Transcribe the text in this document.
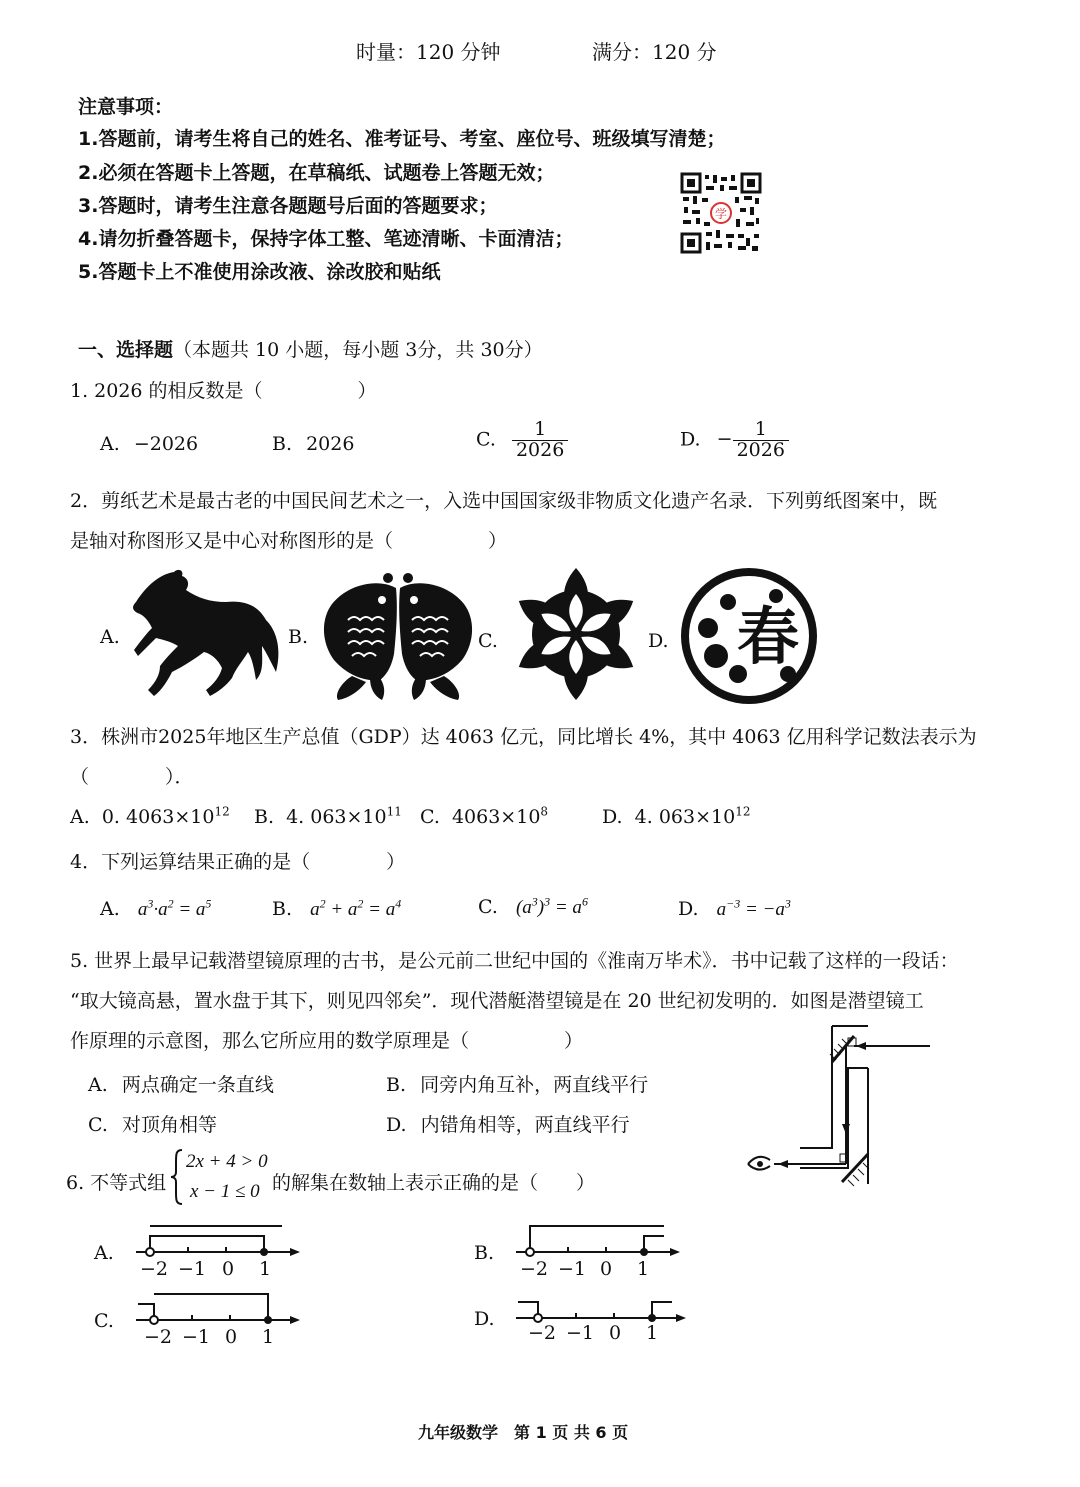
时量：120 分钟	满分：120 分
注意事项：
1.答题前，请考生将自己的姓名、准考证号、考室、座位号、班级填写清楚；
2.必须在答题卡上答题，在草稿纸、试题卷上答题无效；
3.答题时，请考生注意各题题号后面的答题要求；
4.请勿折叠答题卡，保持字体工整、笔迹清晰、卡面清洁；
5.答题卡上不准使用涂改液、涂改胶和贴纸
学
一、选择题（本题共 10 小题，每小题 3分，共 30分）
1. 2026 的相反数是（　　　　　）
A. −2026	B. 2026	C. $\frac{1}{2026}$	D. − $\frac{1}{2026}$
2．剪纸艺术是最古老的中国民间艺术之一，入选中国国家级非物质文化遗产名录．下列剪纸图案中，既
是轴对称图形又是中心对称图形的是（　　　　　）
A.	B.	C.	D. 春
3．株洲市2025年地区生产总值（GDP）达 4063 亿元，同比增长 4%，其中 4063 亿用科学记数法表示为
（　　　　）．
A. 0. $4063\times 10^{12}$ B. 4. $063\times 10^{11}$ C. $4063\times 10^8$	D. 4. $063\times 10^{12}$
4．下列运算结果正确的是（　　　　）
A. $a^3\cdot a^2 = a^5$	B. $a^2 + a^2 = a^4$	C. $(a^3)^3 = a^6$	D. $a^{-3} = -a^3$
5. 世界上最早记载潜望镜原理的古书，是公元前二世纪中国的《淮南万毕术》．书中记载了这样的一段话：
“取大镜高悬，置水盘于其下，则见四邻矣”．现代潜艇潜望镜是在 20 世纪初发明的．如图是潜望镜工
作原理的示意图，那么它所应用的数学原理是（　　　　　）
A. 两点确定一条直线	B. 同旁内角互补，两直线平行
C. 对顶角相等	D. 内错角相等，两直线平行
6. 不等式组
2x + 4 > 0
x − 1 ≤ 0 的解集在数轴上表示正确的是（　　）
A.	B.
C.	D.
−2 −1 0 1	−2 −1 0 1
−2 −1 0 1	−2 −1 0 1
九年级数学　第 1 页 共 6 页
